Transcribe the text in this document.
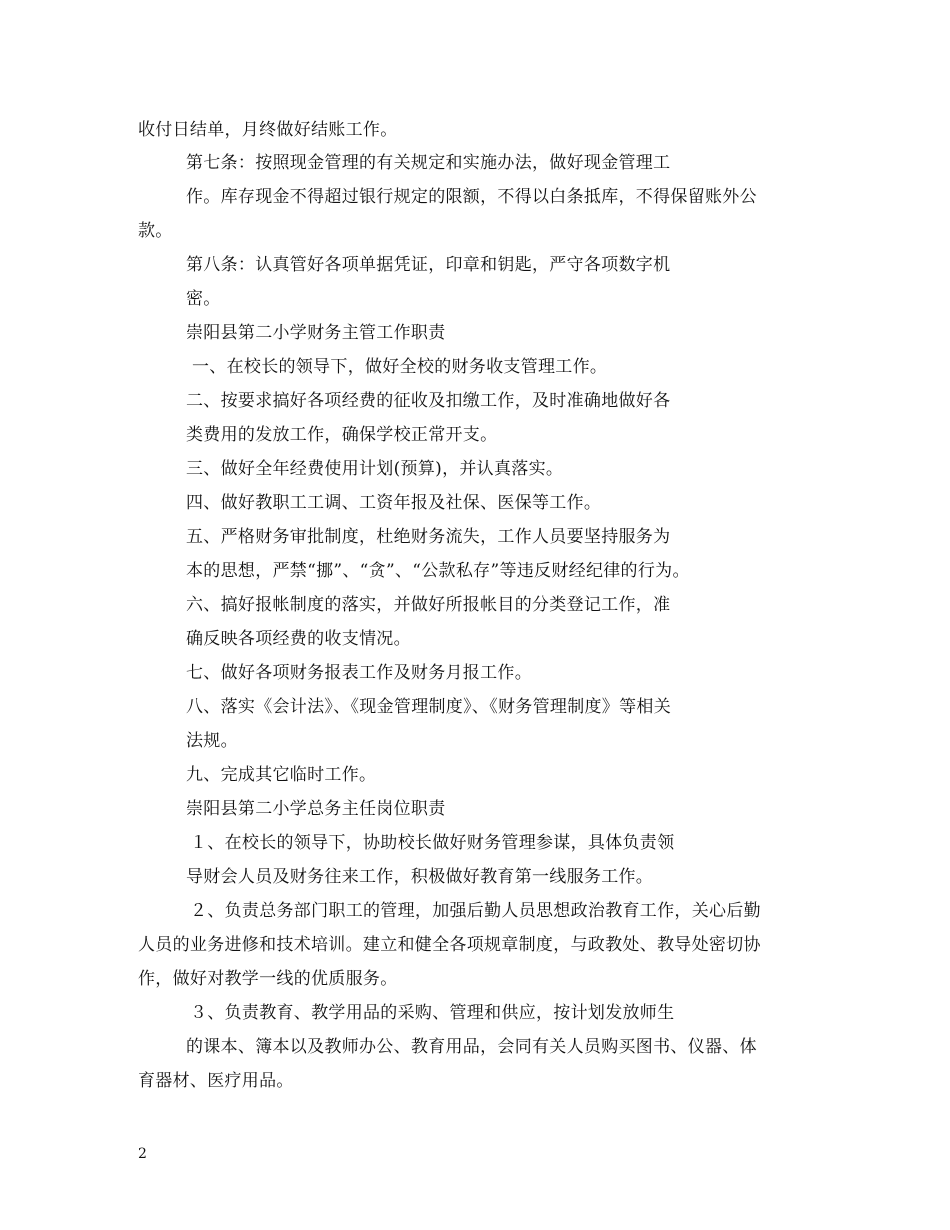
收付日结单，月终做好结账工作。
第七条：按照现金管理的有关规定和实施办法，做好现金管理工
作。库存现金不得超过银行规定的限额，不得以白条抵库，不得保留账外公
款。
第八条：认真管好各项单据凭证，印章和钥匙，严守各项数字机
密。
崇阳县第二小学财务主管工作职责
一、在校长的领导下，做好全校的财务收支管理工作。
二、按要求搞好各项经费的征收及扣缴工作，及时准确地做好各
类费用的发放工作，确保学校正常开支。
三、做好全年经费使用计划(预算)，并认真落实。
四、做好教职工工调、工资年报及社保、医保等工作。
五、严格财务审批制度，杜绝财务流失，工作人员要坚持服务为
本的思想，严禁“挪”、“贪”、“公款私存”等违反财经纪律的行为。
六、搞好报帐制度的落实，并做好所报帐目的分类登记工作，准
确反映各项经费的收支情况。
七、做好各项财务报表工作及财务月报工作。
八、落实《会计法》、《现金管理制度》、《财务管理制度》等相关
法规。
九、完成其它临时工作。
崇阳县第二小学总务主任岗位职责
１、在校长的领导下，协助校长做好财务管理参谋，具体负责领
导财会人员及财务往来工作，积极做好教育第一线服务工作。
２、负责总务部门职工的管理，加强后勤人员思想政治教育工作，关心后勤
人员的业务进修和技术培训。建立和健全各项规章制度，与政教处、教导处密切协
作，做好对教学一线的优质服务。
３、负责教育、教学用品的采购、管理和供应，按计划发放师生
的课本、簿本以及教师办公、教育用品，会同有关人员购买图书、仪器、体
育器材、医疗用品。
2
